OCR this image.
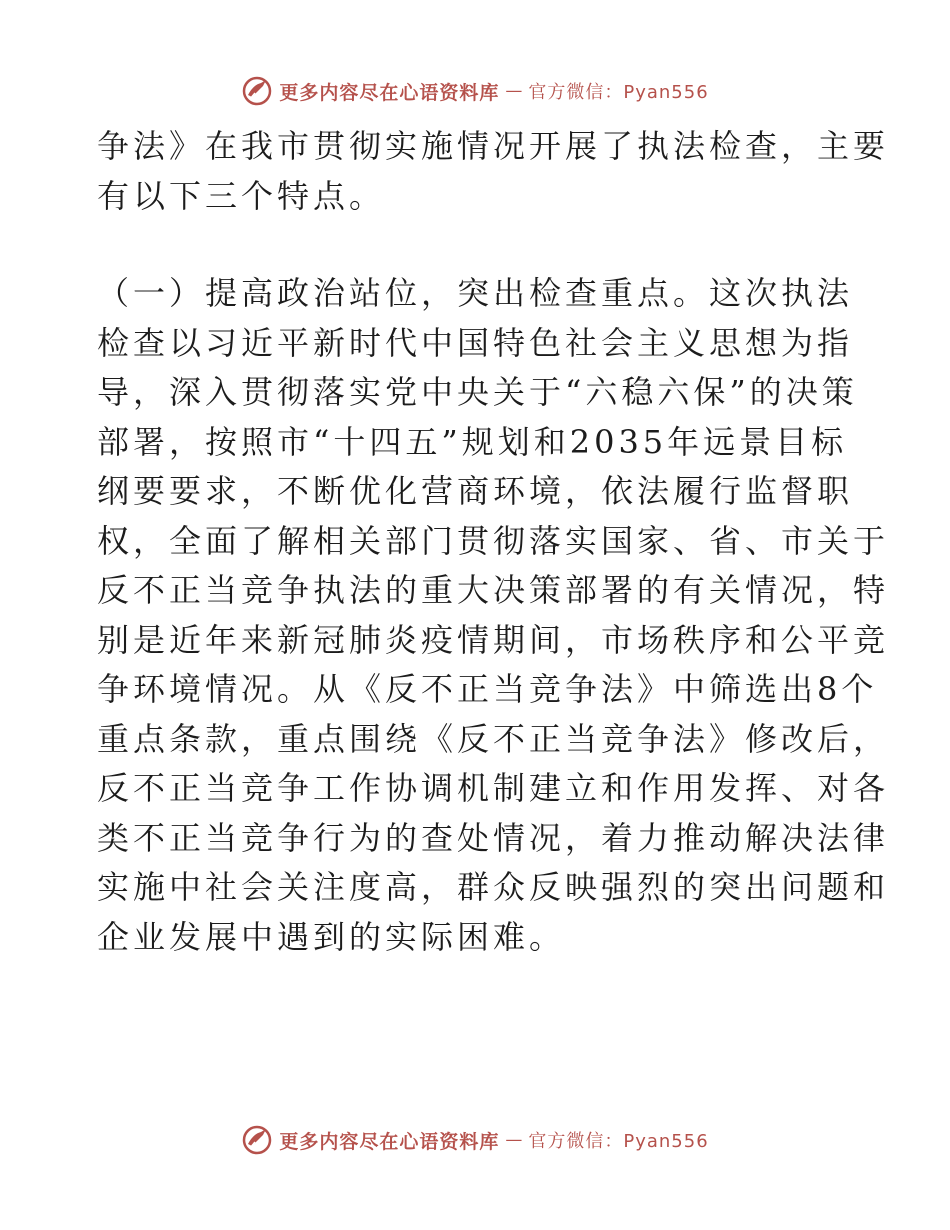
更多内容尽在心语资料库 — 官方微信：Pyan556
争法》在我市贯彻实施情况开展了执法检查，主要
有以下三个特点。
（一）提高政治站位，突出检查重点。这次执法
检查以习近平新时代中国特色社会主义思想为指
导，深入贯彻落实党中央关于“六稳六保”的决策
部署，按照市“十四五”规划和2035年远景目标
纲要要求，不断优化营商环境，依法履行监督职
权，全面了解相关部门贯彻落实国家、省、市关于
反不正当竞争执法的重大决策部署的有关情况，特
别是近年来新冠肺炎疫情期间，市场秩序和公平竞
争环境情况。从《反不正当竞争法》中筛选出8个
重点条款，重点围绕《反不正当竞争法》修改后，
反不正当竞争工作协调机制建立和作用发挥、对各
类不正当竞争行为的查处情况，着力推动解决法律
实施中社会关注度高，群众反映强烈的突出问题和
企业发展中遇到的实际困难。
更多内容尽在心语资料库 — 官方微信：Pyan556
